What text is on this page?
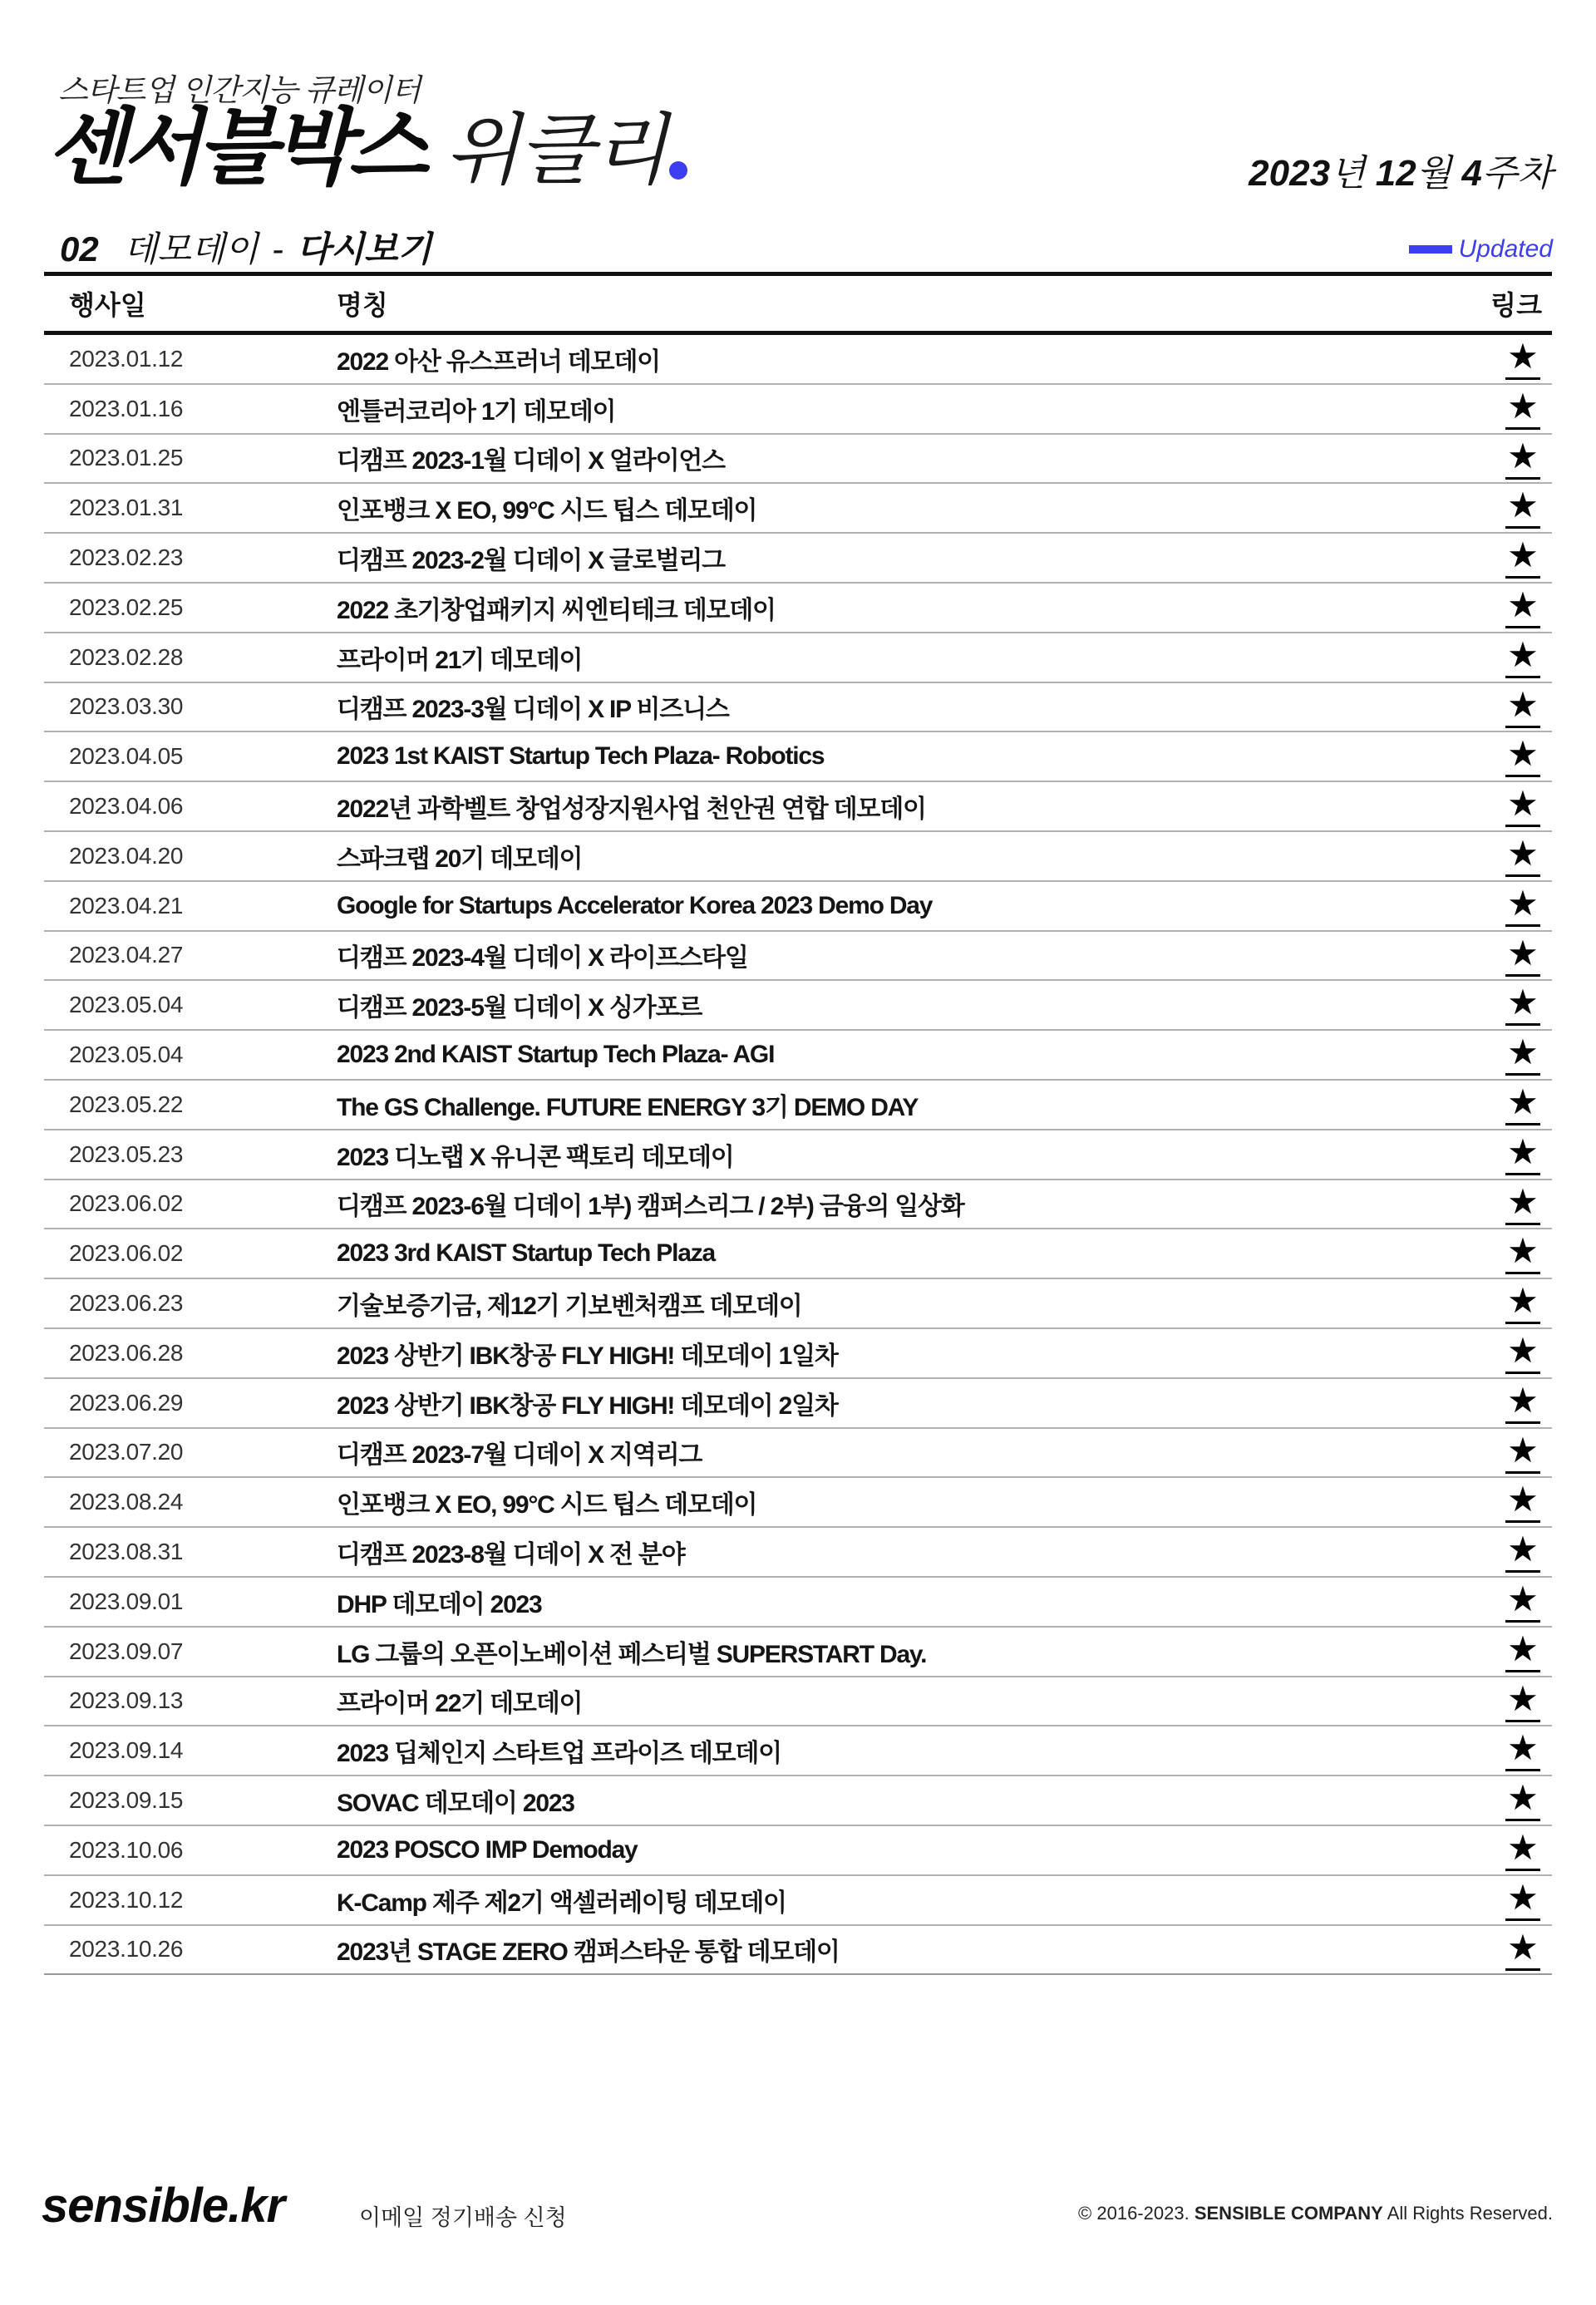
스타트업 인간지능 큐레이터
센서블박스 위클리	2023년 12월 4주차
02 데모데이 - 다시보기	Updated
행사일	명칭	링크
2023.01.12	2022 아산 유스프러너 데모데이	★
2023.01.16	엔틀러코리아 1기 데모데이	★
2023.01.25	디캠프 2023-1월 디데이 X 얼라이언스	★
2023.01.31	인포뱅크 X EO, 99°C 시드 팁스 데모데이	★
2023.02.23	디캠프 2023-2월 디데이 X 글로벌리그	★
2023.02.25	2022 초기창업패키지 씨엔티테크 데모데이	★
2023.02.28	프라이머 21기 데모데이	★
2023.03.30	디캠프 2023-3월 디데이 X IP 비즈니스	★
2023.04.05	2023 1st KAIST Startup Tech Plaza- Robotics	★
2023.04.06	2022년 과학벨트 창업성장지원사업 천안권 연합 데모데이	★
2023.04.20	스파크랩 20기 데모데이	★
2023.04.21	Google for Startups Accelerator Korea 2023 Demo Day	★
2023.04.27	디캠프 2023-4월 디데이 X 라이프스타일	★
2023.05.04	디캠프 2023-5월 디데이 X 싱가포르	★
2023.05.04	2023 2nd KAIST Startup Tech Plaza- AGI	★
2023.05.22	The GS Challenge. FUTURE ENERGY 3기 DEMO DAY	★
2023.05.23	2023 디노랩 X 유니콘 팩토리 데모데이	★
2023.06.02	디캠프 2023-6월 디데이 1부) 캠퍼스리그 / 2부) 금융의 일상화	★
2023.06.02	2023 3rd KAIST Startup Tech Plaza	★
2023.06.23	기술보증기금, 제12기 기보벤처캠프 데모데이	★
2023.06.28	2023 상반기 IBK창공 FLY HIGH! 데모데이 1일차	★
2023.06.29	2023 상반기 IBK창공 FLY HIGH! 데모데이 2일차	★
2023.07.20	디캠프 2023-7월 디데이 X 지역리그	★
2023.08.24	인포뱅크 X EO, 99°C 시드 팁스 데모데이	★
2023.08.31	디캠프 2023-8월 디데이 X 전 분야	★
2023.09.01	DHP 데모데이 2023	★
2023.09.07	LG 그룹의 오픈이노베이션 페스티벌 SUPERSTART Day.	★
2023.09.13	프라이머 22기 데모데이	★
2023.09.14	2023 딥체인지 스타트업 프라이즈 데모데이	★
2023.09.15	SOVAC 데모데이 2023	★
2023.10.06	2023 POSCO IMP Demoday	★
2023.10.12	K-Camp 제주 제2기 액셀러레이팅 데모데이	★
2023.10.26	2023년 STAGE ZERO 캠퍼스타운 통합 데모데이	★
sensible.kr	이메일 정기배송 신청	© 2016-2023. SENSIBLE COMPANY All Rights Reserved.
